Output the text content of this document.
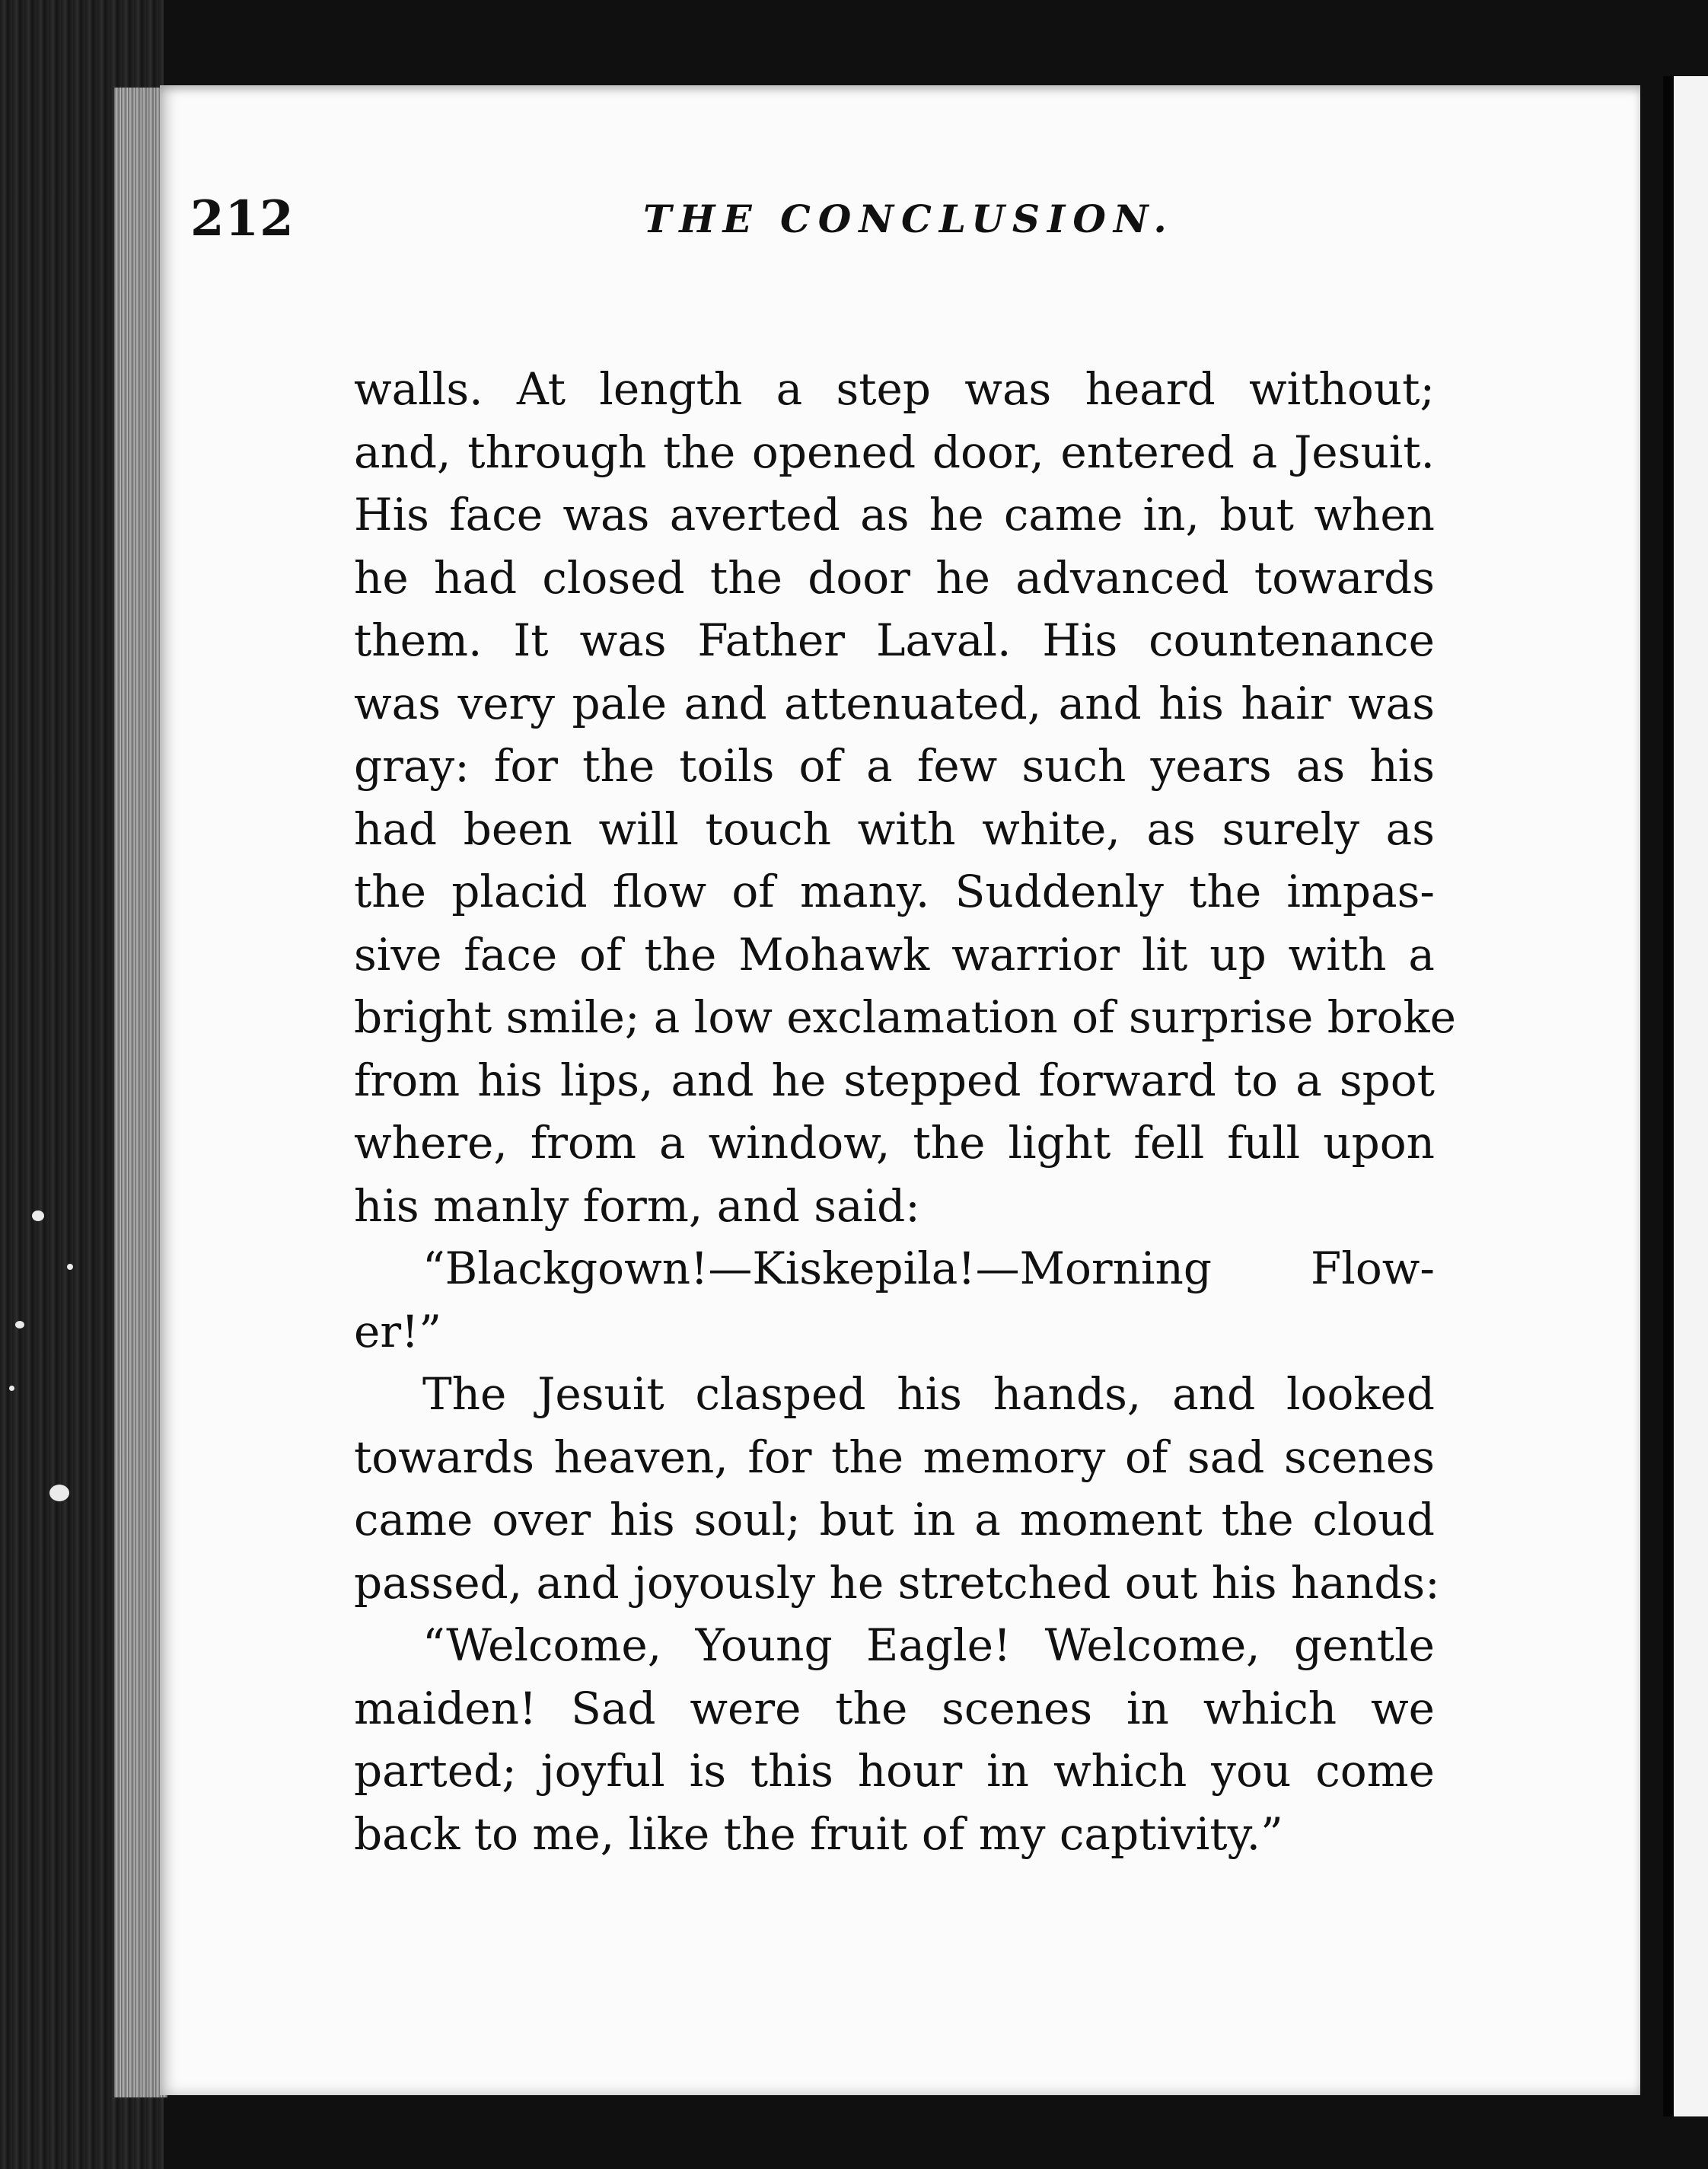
212	THE CONCLUSION.
walls. At length a step was heard without;
and, through the opened door, entered a Jesuit.
His face was averted as he came in, but when
he had closed the door he advanced towards
them. It was Father Laval. His countenance
was very pale and attenuated, and his hair was
gray: for the toils of a few such years as his
had been will touch with white, as surely as
the placid flow of many. Suddenly the impas-
sive face of the Mohawk warrior lit up with a
bright smile; a low exclamation of surprise broke
from his lips, and he stepped forward to a spot
where, from a window, the light fell full upon
his manly form, and said:
“Blackgown!—Kiskepila!—Morning Flow-
er!”
The Jesuit clasped his hands, and looked
towards heaven, for the memory of sad scenes
came over his soul; but in a moment the cloud
passed, and joyously he stretched out his hands:
“Welcome, Young Eagle! Welcome, gentle
maiden! Sad were the scenes in which we
parted; joyful is this hour in which you come
back to me, like the fruit of my captivity.”
